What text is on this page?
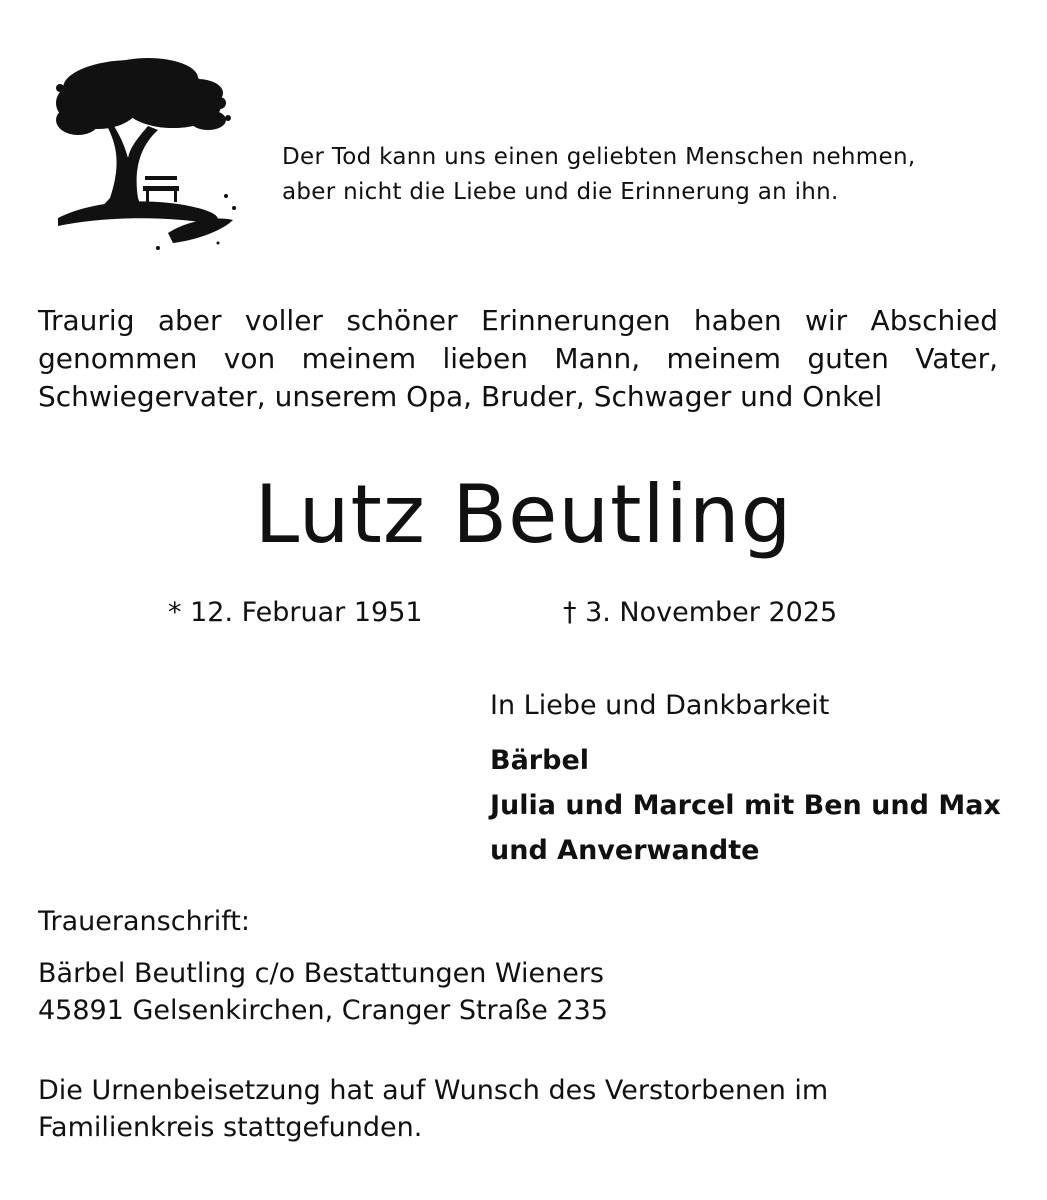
Der Tod kann uns einen geliebten Menschen nehmen,
aber nicht die Liebe und die Erinnerung an ihn.
Traurig aber voller schöner Erinnerungen haben wir Abschied
genommen von meinem lieben Mann, meinem guten Vater,
Schwiegervater, unserem Opa, Bruder, Schwager und Onkel
Lutz Beutling
* 12. Februar 1951	† 3. November 2025
In Liebe und Dankbarkeit
Bärbel
Julia und Marcel mit Ben und Max
und Anverwandte
Traueranschrift:
Bärbel Beutling c/o Bestattungen Wieners
45891 Gelsenkirchen, Cranger Straße 235
Die Urnenbeisetzung hat auf Wunsch des Verstorbenen im
Familienkreis stattgefunden.
